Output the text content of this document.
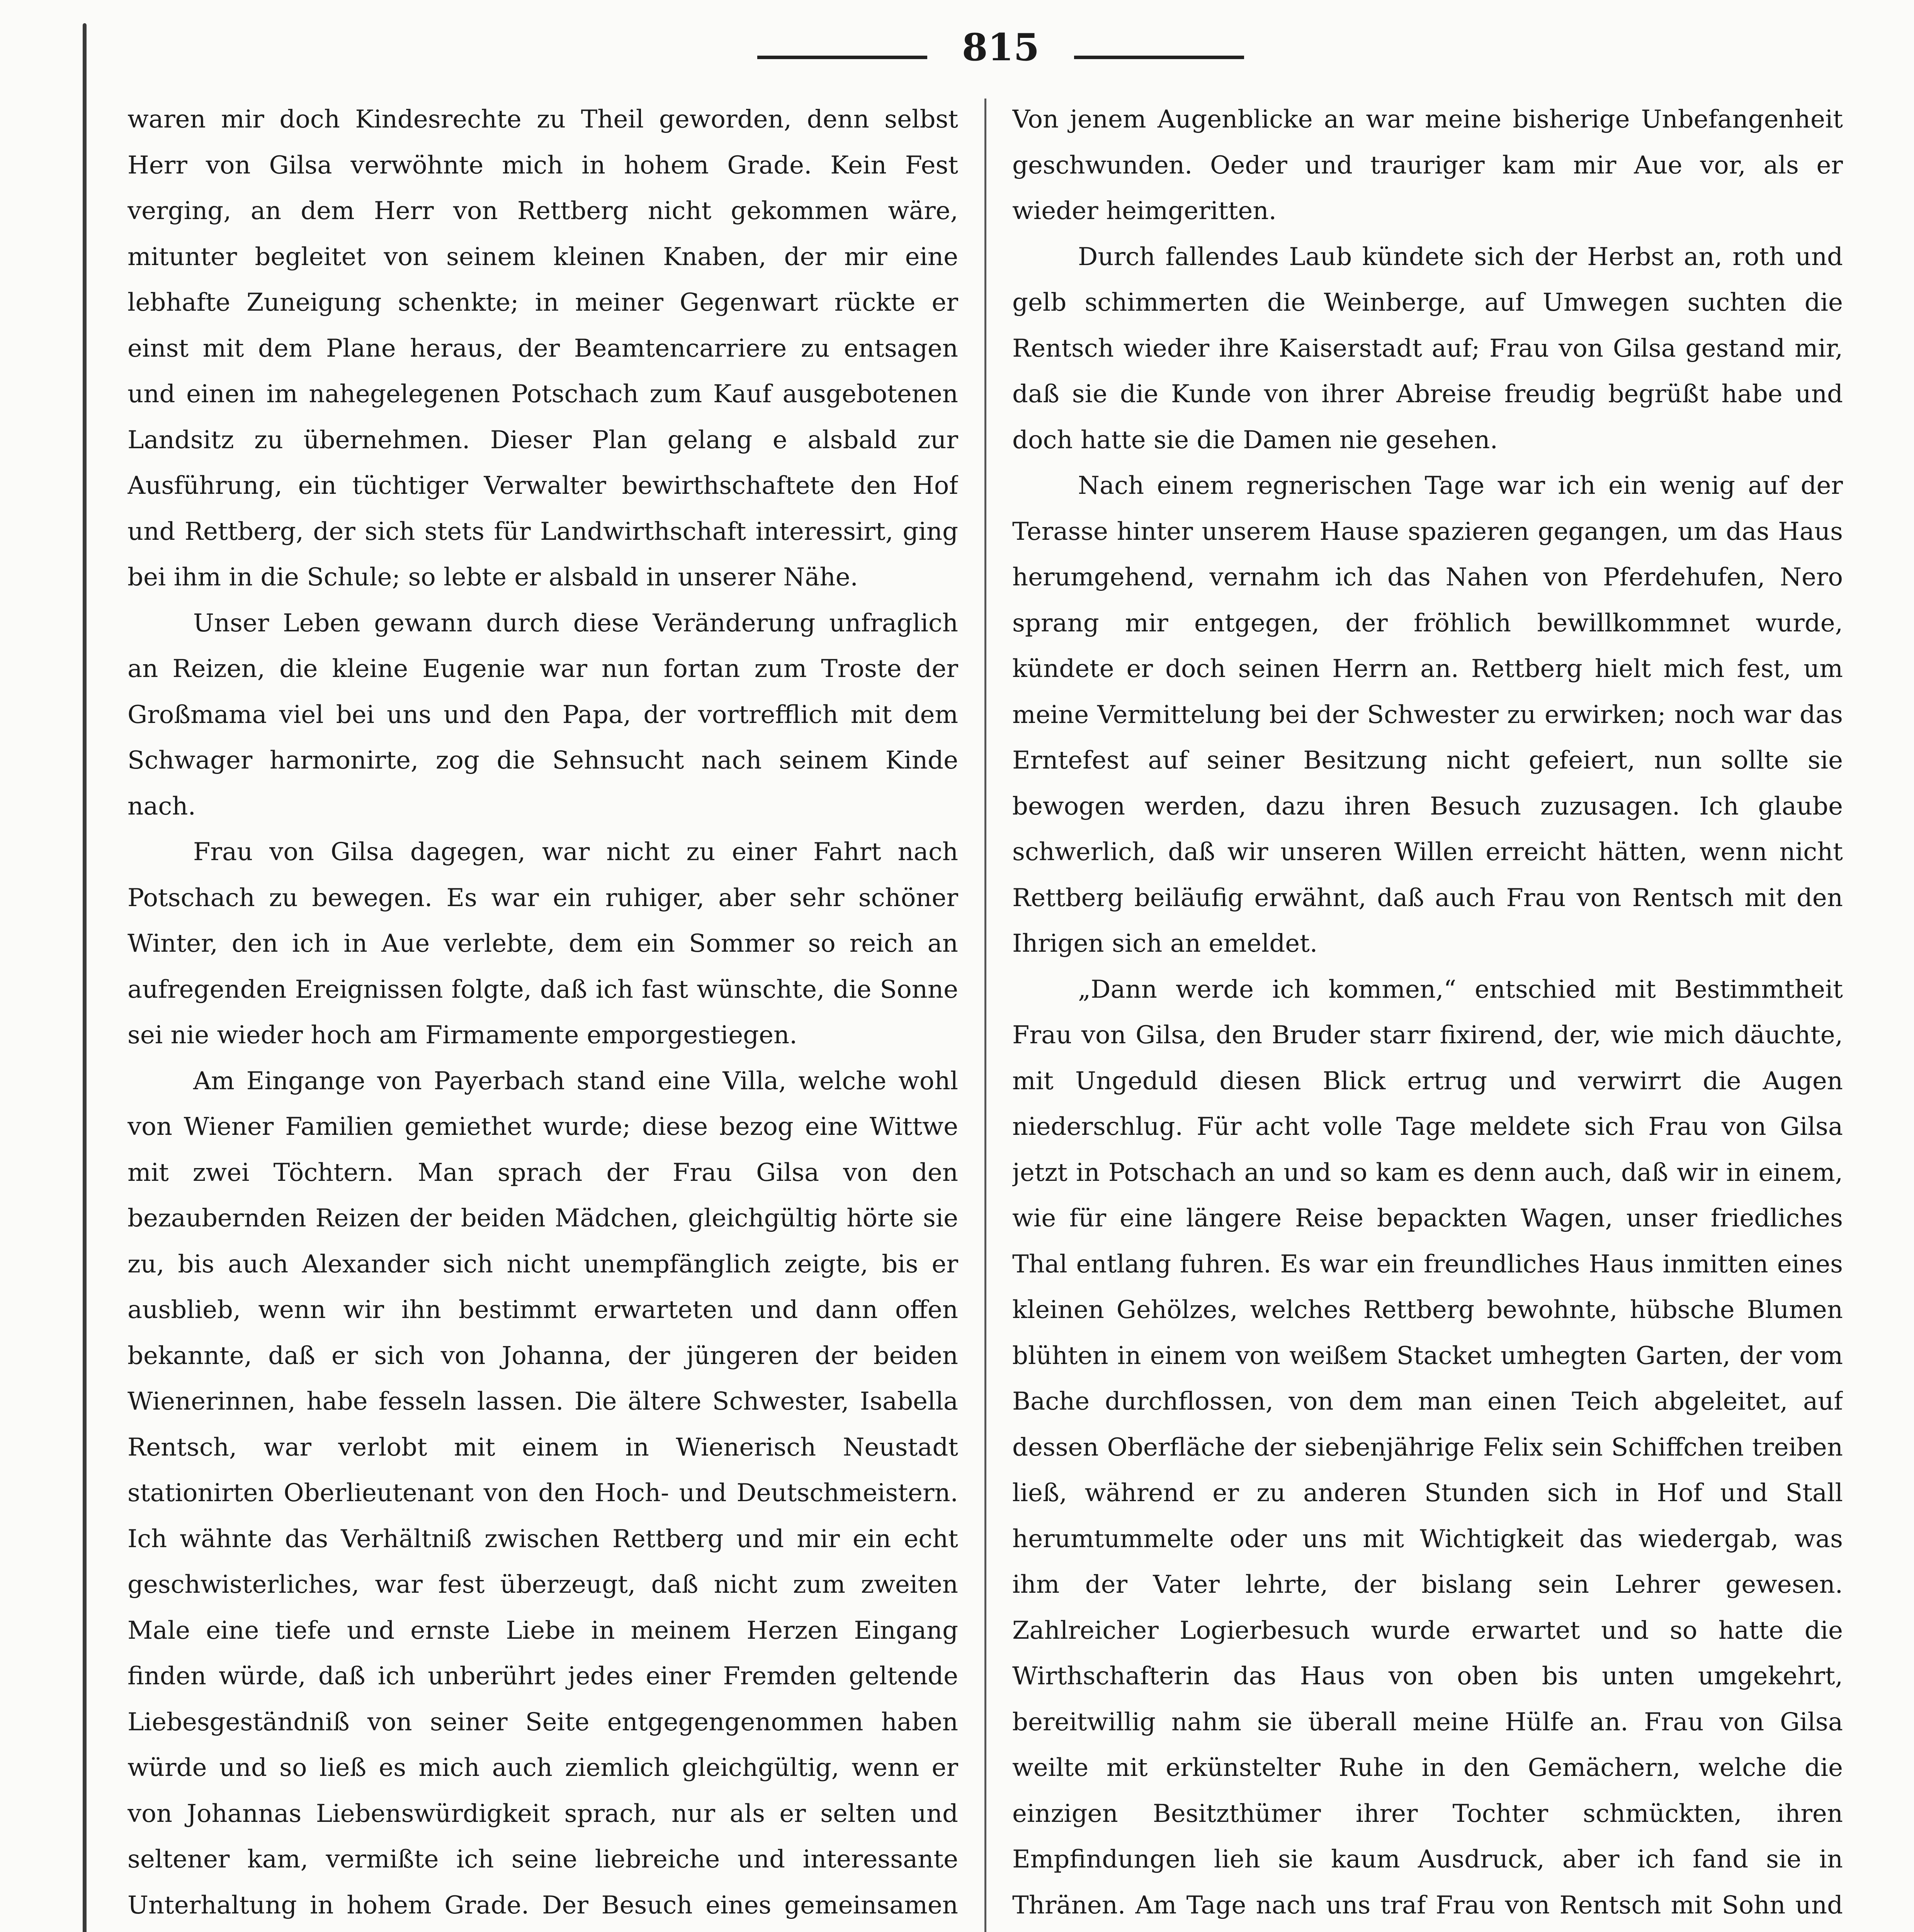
815

waren mir doch Kindesrechte zu Theil geworden, denn selbst Herr von Gilsa verwöhnte mich in hohem Grade. Kein Fest verging, an dem Herr von Rettberg nicht gekommen wäre, mitunter begleitet von seinem kleinen Knaben, der mir eine lebhafte Zuneigung schenkte; in meiner Gegenwart rückte er einst mit dem Plane heraus, der Beamtencarriere zu entsagen und einen im nahegelegenen Potschach zum Kauf ausgebotenen Landsitz zu übernehmen. Dieser Plan gelang e alsbald zur Ausführung, ein tüchtiger Verwalter bewirthschaftete den Hof und Rettberg, der sich stets für Landwirthschaft interessirt, ging bei ihm in die Schule; so lebte er alsbald in unserer Nähe.

Unser Leben gewann durch diese Veränderung unfraglich an Reizen, die kleine Eugenie war nun fortan zum Troste der Großmama viel bei uns und den Papa, der vortrefflich mit dem Schwager harmonirte, zog die Sehnsucht nach seinem Kinde nach.

Frau von Gilsa dagegen, war nicht zu einer Fahrt nach Potschach zu bewegen. Es war ein ruhiger, aber sehr schöner Winter, den ich in Aue verlebte, dem ein Sommer so reich an aufregenden Ereignissen folgte, daß ich fast wünschte, die Sonne sei nie wieder hoch am Firmamente emporgestiegen.

Am Eingange von Payerbach stand eine Villa, welche wohl von Wiener Familien gemiethet wurde; diese bezog eine Wittwe mit zwei Töchtern. Man sprach der Frau Gilsa von den bezaubernden Reizen der beiden Mädchen, gleichgültig hörte sie zu, bis auch Alexander sich nicht unempfänglich zeigte, bis er ausblieb, wenn wir ihn bestimmt erwarteten und dann offen bekannte, daß er sich von Johanna, der jüngeren der beiden Wienerinnen, habe fesseln lassen. Die ältere Schwester, Isabella Rentsch, war verlobt mit einem in Wienerisch Neustadt stationirten Oberlieutenant von den Hoch- und Deutschmeistern. Ich wähnte das Verhältniß zwischen Rettberg und mir ein echt geschwisterliches, war fest überzeugt, daß nicht zum zweiten Male eine tiefe und ernste Liebe in meinem Herzen Eingang finden würde, daß ich unberührt jedes einer Fremden geltende Liebesgeständniß von seiner Seite entgegengenommen haben würde und so ließ es mich auch ziemlich gleichgültig, wenn er von Johannas Liebenswürdigkeit sprach, nur als er selten und seltener kam, vermißte ich seine liebreiche und interessante Unterhaltung in hohem Grade. Der Besuch eines gemeinsamen

Von jenem Augenblicke an war meine bisherige Unbefangenheit geschwunden. Oeder und trauriger kam mir Aue vor, als er wieder heimgeritten.

Durch fallendes Laub kündete sich der Herbst an, roth und gelb schimmerten die Weinberge, auf Umwegen suchten die Rentsch wieder ihre Kaiserstadt auf; Frau von Gilsa gestand mir, daß sie die Kunde von ihrer Abreise freudig begrüßt habe und doch hatte sie die Damen nie gesehen.

Nach einem regnerischen Tage war ich ein wenig auf der Terasse hinter unserem Hause spazieren gegangen, um das Haus herumgehend, vernahm ich das Nahen von Pferdehufen, Nero sprang mir entgegen, der fröhlich bewillkommnet wurde, kündete er doch seinen Herrn an. Rettberg hielt mich fest, um meine Vermittelung bei der Schwester zu erwirken; noch war das Erntefest auf seiner Besitzung nicht gefeiert, nun sollte sie bewogen werden, dazu ihren Besuch zuzusagen. Ich glaube schwerlich, daß wir unseren Willen erreicht hätten, wenn nicht Rettberg beiläufig erwähnt, daß auch Frau von Rentsch mit den Ihrigen sich an emeldet.

„Dann werde ich kommen,“ entschied mit Bestimmtheit Frau von Gilsa, den Bruder starr fixirend, der, wie mich däuchte, mit Ungeduld diesen Blick ertrug und verwirrt die Augen niederschlug. Für acht volle Tage meldete sich Frau von Gilsa jetzt in Potschach an und so kam es denn auch, daß wir in einem, wie für eine längere Reise bepackten Wagen, unser friedliches Thal entlang fuhren. Es war ein freundliches Haus inmitten eines kleinen Gehölzes, welches Rettberg bewohnte, hübsche Blumen blühten in einem von weißem Stacket umhegten Garten, der vom Bache durchflossen, von dem man einen Teich abgeleitet, auf dessen Oberfläche der siebenjährige Felix sein Schiffchen treiben ließ, während er zu anderen Stunden sich in Hof und Stall herumtummelte oder uns mit Wichtigkeit das wiedergab, was ihm der Vater lehrte, der bislang sein Lehrer gewesen. Zahlreicher Logierbesuch wurde erwartet und so hatte die Wirthschafterin das Haus von oben bis unten umgekehrt, bereitwillig nahm sie überall meine Hülfe an. Frau von Gilsa weilte mit erkünstelter Ruhe in den Gemächern, welche die einzigen Besitzthümer ihrer Tochter schmückten, ihren Empfindungen lieh sie kaum Ausdruck, aber ich fand sie in Thränen. Am Tage nach uns traf Frau von Rentsch mit Sohn und
